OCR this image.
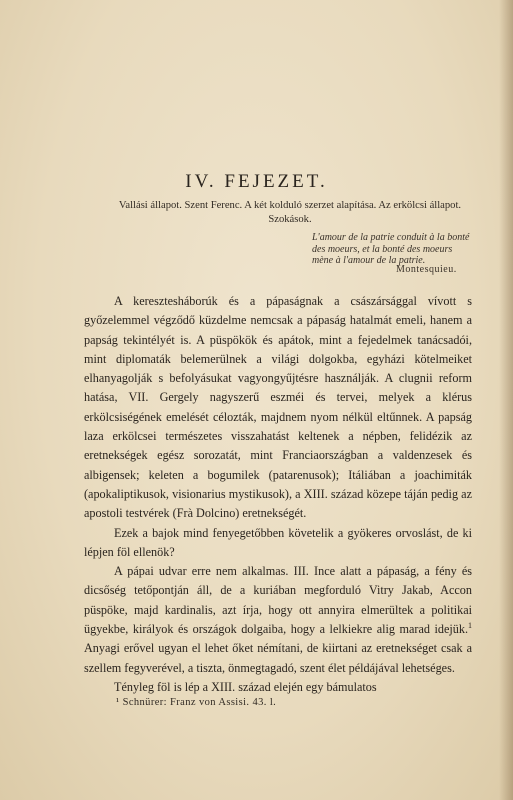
IV. FEJEZET.
Vallási állapot. Szent Ferenc. A két kolduló szerzet alapítása. Az erkölcsi állapot. Szokások.
L'amour de la patrie conduit à la bonté des moeurs, et la bonté des moeurs mène à l'amour de la patrie.
Montesquieu.

A keresztesháborúk és a pápaságnak a császársággal vívott s győzelemmel végződő küzdelme nemcsak a pápaság hatalmát emeli, hanem a papság tekintélyét is. A püspökök és apátok, mint a fejedelmek tanácsadói, mint diplomaták belemerülnek a világi dolgokba, egyházi kötelmeiket elhanyagolják s befolyásukat vagyongyűjtésre használják. A clugnii reform hatása, VII. Gergely nagyszerű eszméi és tervei, melyek a klérus erkölcsiségének emelését célozták, majdnem nyom nélkül eltűnnek. A papság laza erkölcsei természetes visszahatást keltenek a népben, felidézik az eretnekségek egész sorozatát, mint Franciaországban a valdenzesek és albigensek; keleten a bogumilek (patarenusok); Itáliában a joachimiták (apokaliptikusok, visionarius mystikusok), a XIII. század közepe táján pedig az apostoli testvérek (Frà Dolcino) eretnekségét.

Ezek a bajok mind fenyegetőbben követelik a gyökeres orvoslást, de ki lépjen föl ellenök?

A pápai udvar erre nem alkalmas. III. Ince alatt a pápaság, a fény és dicsőség tetőpontján áll, de a kuriában megforduló Vitry Jakab, Accon püspöke, majd kardinalis, azt írja, hogy ott annyira elmerültek a politikai ügyekbe, királyok és országok dolgaiba, hogy a lelkiekre alig marad idejük.$^1$ Anyagi erővel ugyan el lehet őket némítani, de kiirtani az eretnekséget csak a szellem fegyverével, a tiszta, önmegtagadó, szent élet példájával lehetséges.

Tényleg föl is lép a XIII. század elején egy bámulatos

¹ Schnürer: Franz von Assisi. 43. l.
